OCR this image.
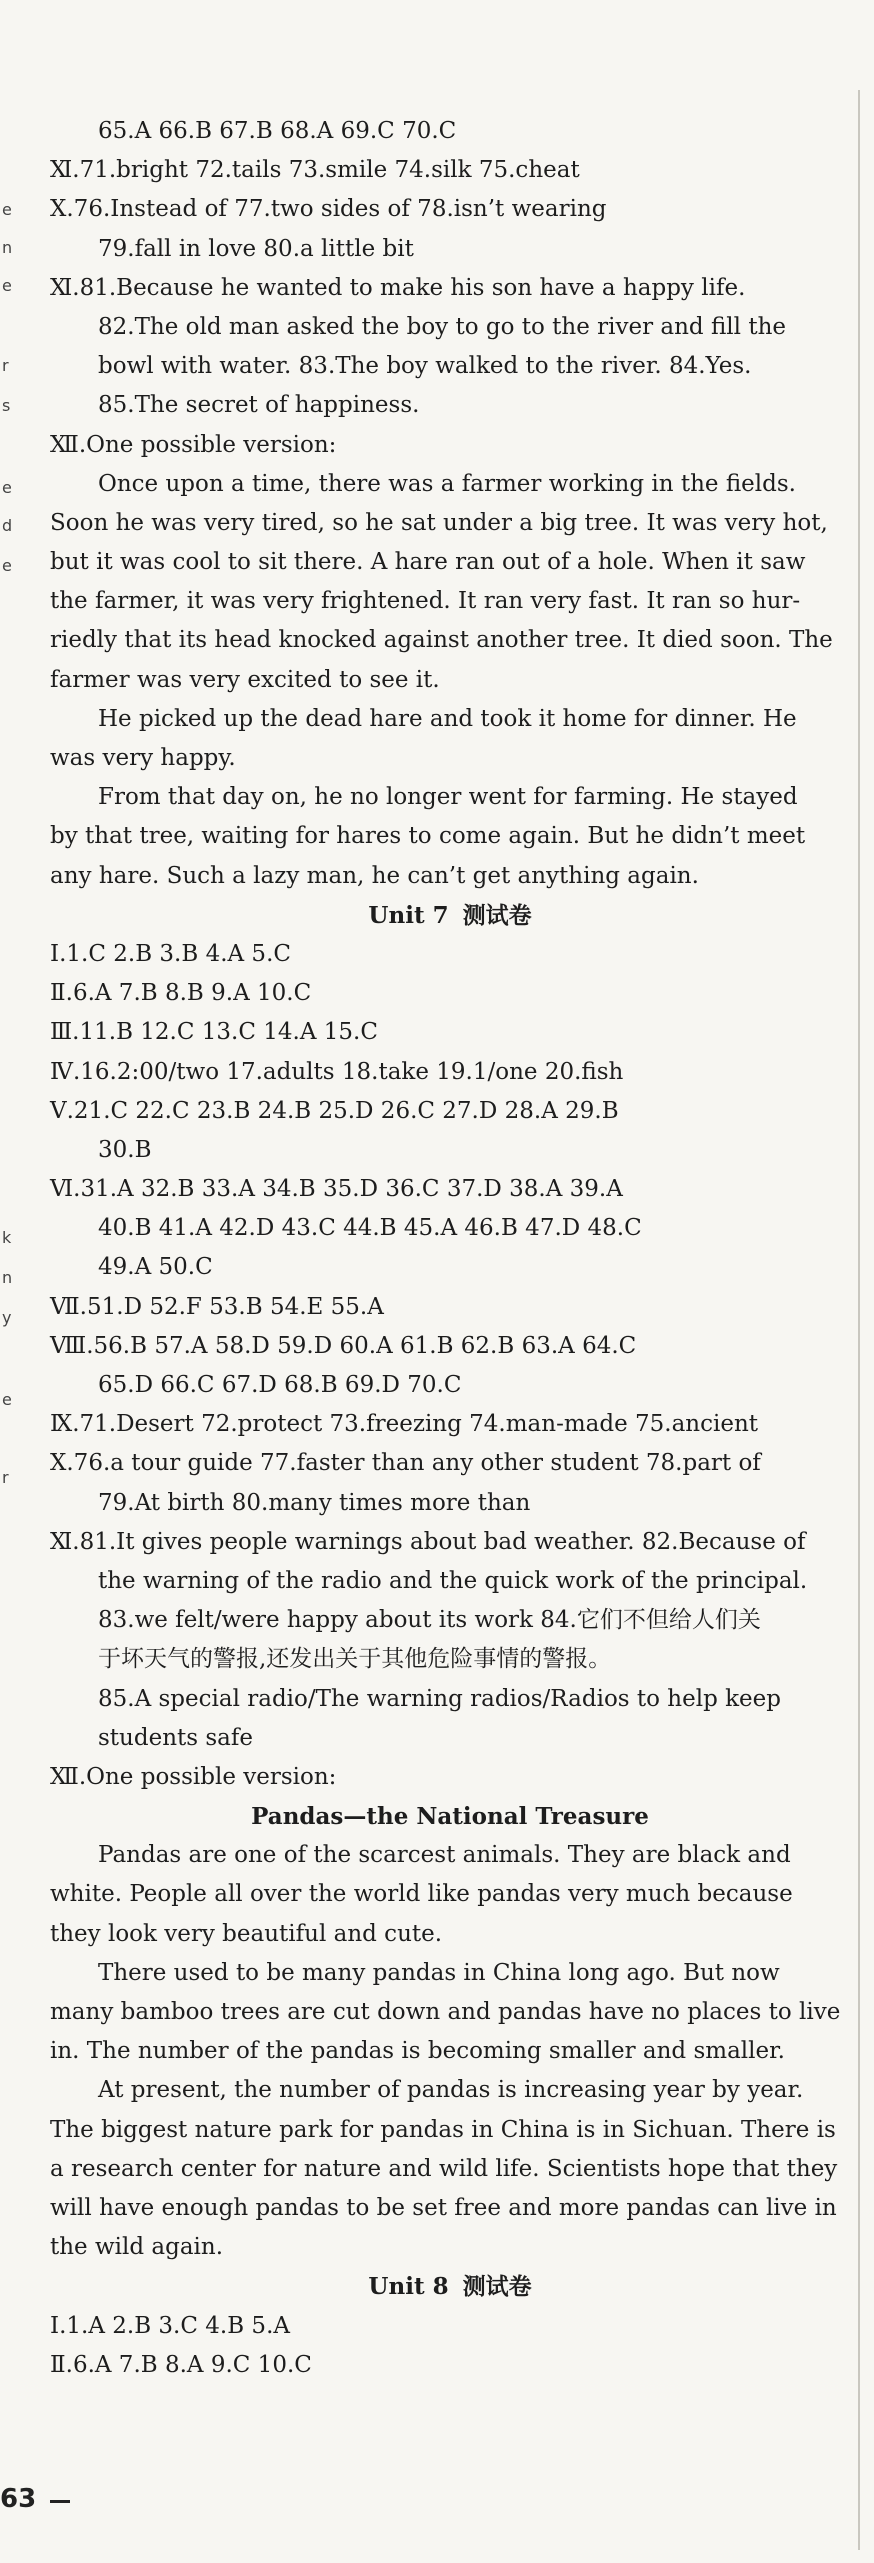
e
n
e
r
s
e
d
e
k
n
y
e
r
65.A 66.B 67.B 68.A 69.C 70.C
Ⅺ.71.bright 72.tails 73.smile 74.silk 75.cheat
Ⅹ.76.Instead of 77.two sides of 78.isn’t wearing
79.fall in love 80.a little bit
Ⅺ.81.Because he wanted to make his son have a happy life.
82.The old man asked the boy to go to the river and fill the
bowl with water. 83.The boy walked to the river. 84.Yes.
85.The secret of happiness.
Ⅻ.One possible version:
Once upon a time, there was a farmer working in the fields.
Soon he was very tired, so he sat under a big tree. It was very hot,
but it was cool to sit there. A hare ran out of a hole. When it saw
the farmer, it was very frightened. It ran very fast. It ran so hur-
riedly that its head knocked against another tree. It died soon. The
farmer was very excited to see it.
He picked up the dead hare and took it home for dinner. He
was very happy.
From that day on, he no longer went for farming. He stayed
by that tree, waiting for hares to come again. But he didn’t meet
any hare. Such a lazy man, he can’t get anything again.
Unit 7 测试卷
Ⅰ.1.C 2.B 3.B 4.A 5.C
Ⅱ.6.A 7.B 8.B 9.A 10.C
Ⅲ.11.B 12.C 13.C 14.A 15.C
Ⅳ.16.2:00/two 17.adults 18.take 19.1/one 20.fish
Ⅴ.21.C 22.C 23.B 24.B 25.D 26.C 27.D 28.A 29.B
30.B
Ⅵ.31.A 32.B 33.A 34.B 35.D 36.C 37.D 38.A 39.A
40.B 41.A 42.D 43.C 44.B 45.A 46.B 47.D 48.C
49.A 50.C
Ⅶ.51.D 52.F 53.B 54.E 55.A
Ⅷ.56.B 57.A 58.D 59.D 60.A 61.B 62.B 63.A 64.C
65.D 66.C 67.D 68.B 69.D 70.C
Ⅸ.71.Desert 72.protect 73.freezing 74.man-made 75.ancient
Ⅹ.76.a tour guide 77.faster than any other student 78.part of
79.At birth 80.many times more than
Ⅺ.81.It gives people warnings about bad weather. 82.Because of
the warning of the radio and the quick work of the principal.
83.we felt/were happy about its work 84.它们不但给人们关
于坏天气的警报,还发出关于其他危险事情的警报。
85.A special radio/The warning radios/Radios to help keep
students safe
Ⅻ.One possible version:
Pandas—the National Treasure
Pandas are one of the scarcest animals. They are black and
white. People all over the world like pandas very much because
they look very beautiful and cute.
There used to be many pandas in China long ago. But now
many bamboo trees are cut down and pandas have no places to live
in. The number of the pandas is becoming smaller and smaller.
At present, the number of pandas is increasing year by year.
The biggest nature park for pandas in China is in Sichuan. There is
a research center for nature and wild life. Scientists hope that they
will have enough pandas to be set free and more pandas can live in
the wild again.
Unit 8 测试卷
Ⅰ.1.A 2.B 3.C 4.B 5.A
Ⅱ.6.A 7.B 8.A 9.C 10.C
63
